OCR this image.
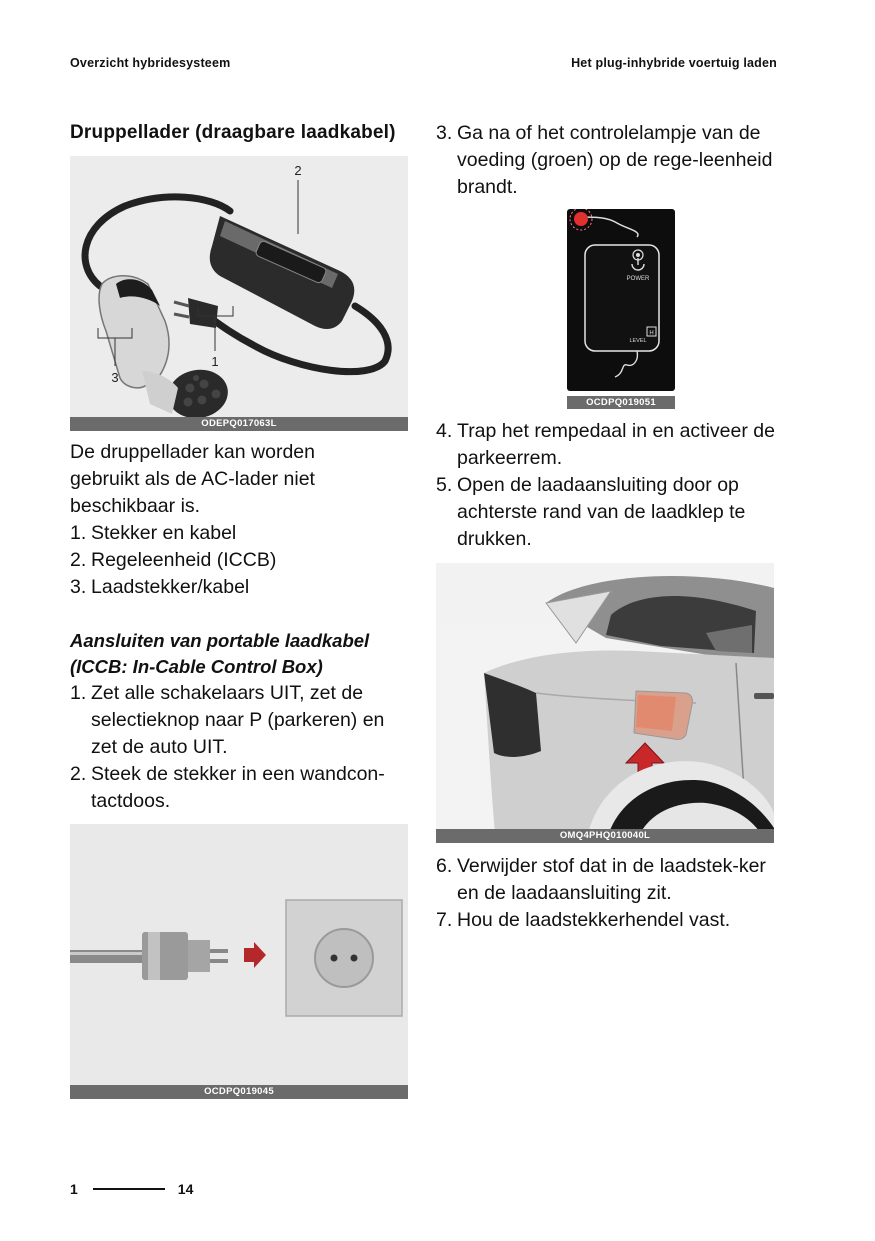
Overzicht hybridesysteem	Het plug-inhybride voertuig laden
Druppellader (draagbare laadkabel)
2
1
3
ODEPQ017063L

De druppellader kan worden gebruikt als de AC-lader niet beschikbaar is.

1. Stekker en kabel
2. Regeleenheid (ICCB)
3. Laadstekker/kabel
Aansluiten van portable laadkabel
(ICCB: In-Cable Control Box)
1. Zet alle schakelaars UIT, zet de selectieknop naar P (parkeren) en zet de auto UIT.
2. Steek de stekker in een wandcon-tactdoos.
OCDPQ019045
3. Ga na of het controlelampje van de voeding (groen) op de rege-leenheid brandt.
POWER
H
LEVEL
OCDPQ019051
4. Trap het rempedaal in en activeer de parkeerrem.
5. Open de laadaansluiting door op achterste rand van de laadklep te drukken.
OMQ4PHQ010040L
6. Verwijder stof dat in de laadstek-ker en de laadaansluiting zit.
7. Hou de laadstekkerhendel vast.
1	14
